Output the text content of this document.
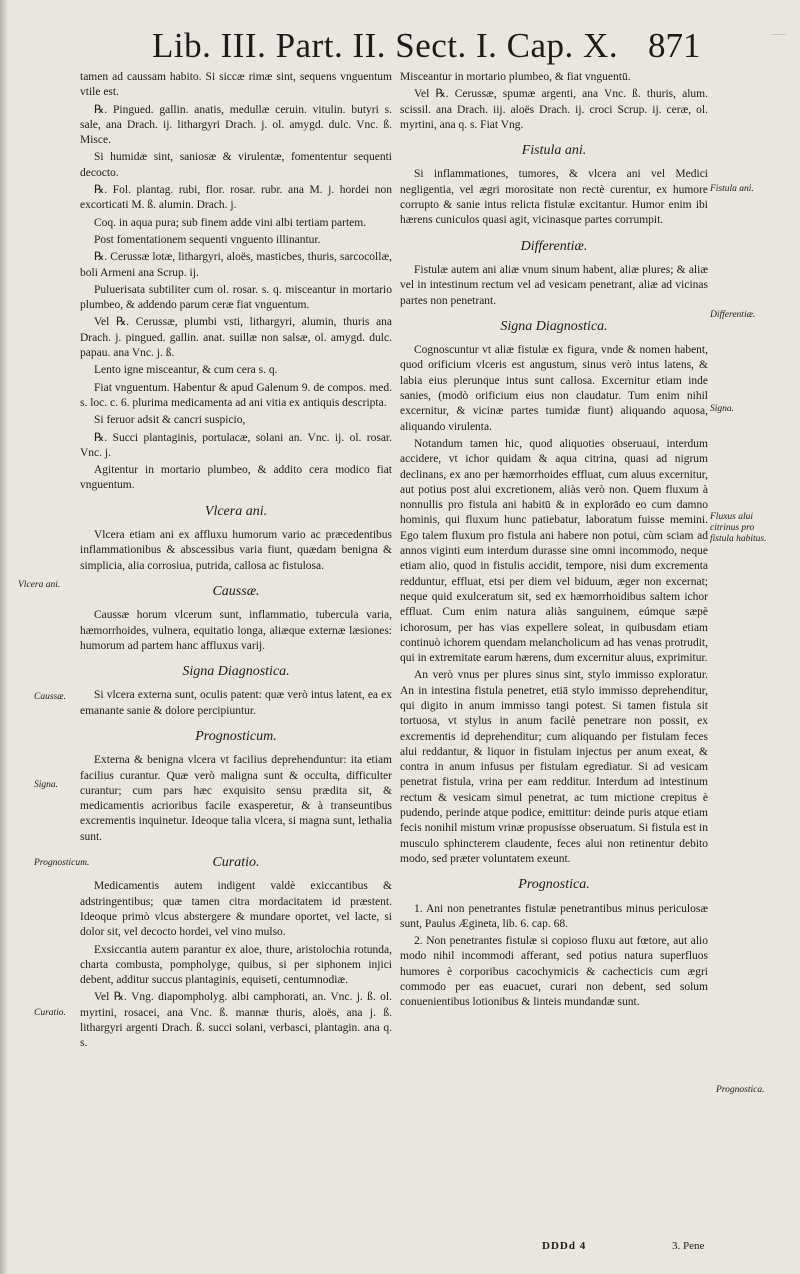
Lib. III. Part. II. Sect. I. Cap. X. 871	........

tamen ad caussam habito. Si siccæ rimæ sint, sequens vnguentum vtile est.

℞. Pingued. gallin. anatis, medullæ ceruin. vitulin. butyri s. sale, ana Drach. ij. lithargyri Drach. j. ol. amygd. dulc. Vnc. ß. Misce.

Si humidæ sint, saniosæ & virulentæ, fomententur sequenti decocto.

℞. Fol. plantag. rubi, flor. rosar. rubr. ana M. j. hordei non excorticati M. ß. alumin. Drach. j.

Coq. in aqua pura; sub finem adde vini albi tertiam partem.

Post fomentationem sequenti vnguento illinantur.

℞. Cerussæ lotæ, lithargyri, aloës, masticbes, thuris, sarcocollæ, boli Armeni ana Scrup. ij.

Puluerisata subtiliter cum ol. rosar. s. q. misceantur in mortario plumbeo, & addendo parum ceræ fiat vnguentum.

Vel ℞. Cerussæ, plumbi vsti, lithargyri, alumin, thuris ana Drach. j. pingued. gallin. anat. suillæ non salsæ, ol. amygd. dulc. papau. ana Vnc. j. ß.

Lento igne misceantur, & cum cera s. q.

Fiat vnguentum. Habentur & apud Galenum 9. de compos. med. s. loc. c. 6. plurima medicamenta ad ani vitia ex antiquis descripta.

Si feruor adsit & cancri suspicio,

℞. Succi plantaginis, portulacæ, solani an. Vnc. ij. ol. rosar. Vnc. j.

Agitentur in mortario plumbeo, & addito cera modico fiat vnguentum.

Vlcera ani.

Vlcera etiam ani ex affluxu humorum vario ac præcedentibus inflammationibus & abscessibus varia fiunt, quædam benigna & simplicia, alia corrosiua, putrida, callosa ac fistulosa.

Caussæ.

Caussæ horum vlcerum sunt, inflammatio, tubercula varia, hæmorrhoides, vulnera, equitatio longa, aliæque externæ læsiones: humorum ad partem hanc affluxus varij.

Signa Diagnostica.

Si vlcera externa sunt, oculis patent: quæ verò intus latent, ea ex emanante sanie & dolore percipiuntur.

Prognosticum.

Externa & benigna vlcera vt facilius deprehenduntur: ita etiam facilius curantur. Quæ verò maligna sunt & occulta, difficulter curantur; cum pars hæc exquisito sensu prædita sit, & medicamentis acrioribus facile exasperetur, & à transeuntibus excrementis inquinetur. Ideoque talia vlcera, si magna sunt, lethalia sunt.

Curatio.

Medicamentis autem indigent valdè exiccantibus & adstringentibus; quæ tamen citra mordacitatem id præstent. Ideoque primò vlcus abstergere & mundare oportet, vel lacte, si dolor sit, vel decocto hordei, vel vino mulso.

Exsiccantia autem parantur ex aloe, thure, aristolochia rotunda, charta combusta, pompholyge, quibus, si per siphonem injici debent, additur succus plantaginis, equiseti, centumnodiæ.

Vel ℞. Vng. diapompholyg. albi camphorati, an. Vnc. j. ß. ol. myrtini, rosacei, ana Vnc. ß. mannæ thuris, aloës, ana j. ß. lithargyri argenti Drach. ß. succi solani, verbasci, plantagin. ana q. s.

Misceantur in mortario plumbeo, & fiat vnguentū.

Vel ℞. Cerussæ, spumæ argenti, ana Vnc. ß. thuris, alum. scissil. ana Drach. iij. aloës Drach. ij. croci Scrup. ij. ceræ, ol. myrtini, ana q. s. Fiat Vng.

Fistula ani.

Si inflammationes, tumores, & vlcera ani vel Medici negligentia, vel ægri morositate non rectè curentur, ex humore corrupto & sanie intus relicta fistulæ excitantur. Humor enim ibi hærens cuniculos quasi agit, vicinasque partes corrumpit.

Differentiæ.

Fistulæ autem ani aliæ vnum sinum habent, aliæ plures; & aliæ vel in intestinum rectum vel ad vesicam penetrant, aliæ ad vicinas partes non penetrant.

Signa Diagnostica.

Cognoscuntur vt aliæ fistulæ ex figura, vnde & nomen habent, quod orificium vlceris est angustum, sinus verò intus latens, & labia eius plerunque intus sunt callosa. Excernitur etiam inde sanies, (modò orificium eius non claudatur. Tum enim nihil excernitur, & vicinæ partes tumidæ fiunt) aliquando aquosa, aliquando virulenta.

Notandum tamen hic, quod aliquoties obseruaui, interdum accidere, vt ichor quidam & aqua citrina, quasi ad nigrum declinans, ex ano per hæmorrhoides effluat, cum aluus excernitur, aut potius post alui excretionem, aliàs verò non. Quem fluxum à nonnullis pro fistula ani habitū & in explorādo eo cum damno hominis, qui fluxum hunc patiebatur, laboratum fuisse memini. Ego talem fluxum pro fistula ani habere non potui, cùm sciam ad annos viginti eum interdum durasse sine omni incommodo, neque etiam alio, quod in fistulis accidit, tempore, nisi dum excrementa redduntur, effluat, etsi per diem vel biduum, æger non excernat; neque quid exulceratum sit, sed ex hæmorrhoidibus saltem ichor effluat. Cum enim natura aliàs sanguinem, eúmque sæpè ichorosum, per has vias expellere soleat, in quibusdam etiam continuò ichorem quendam melancholicum ad has venas protrudit, qui in extremitate earum hærens, dum excernitur aluus, exprimitur.

An verò vnus per plures sinus sint, stylo immisso exploratur. An in intestina fistula penetret, etiā stylo immisso deprehenditur, qui digito in anum immisso tangi potest. Si tamen fistula sit tortuosa, vt stylus in anum facilè penetrare non possit, ex excrementis id deprehenditur; cum aliquando per fistulam feces alui reddantur, & liquor in fistulam injectus per anum exeat, & contra in anum infusus per fistulam egrediatur. Si ad vesicam penetrat fistula, vrina per eam redditur. Interdum ad intestinum rectum & vesicam simul penetrat, ac tum mictione crepitus è pudendo, perinde atque podice, emittitur: deinde puris atque etiam fecis nonihil mistum vrinæ propusisse obseruatum. Si fistula est in musculo sphincterem claudente, feces alui non retinentur debito modo, sed præter voluntatem exeunt.

Prognostica.

1. Ani non penetrantes fistulæ penetrantibus minus periculosæ sunt, Paulus Ægineta, lib. 6. cap. 68.

2. Non penetrantes fistulæ si copioso fluxu aut fœtore, aut alio modo nihil incommodi afferant, sed potius natura superfluos humores è corporibus cacochymicis & cachecticis cum ægri commodo per eas euacuet, curari non debent, sed solum conuenientibus lotionibus & linteis mundandæ sunt.

Vlcera ani.
Caussæ.
Signa.
Prognosticum.
Curatio.
Fistula ani.
Differentiæ.
Signa.
Fluxus alui citrinus pro fistula habitus.
Prognostica.
DDDd 4	3. Pene
